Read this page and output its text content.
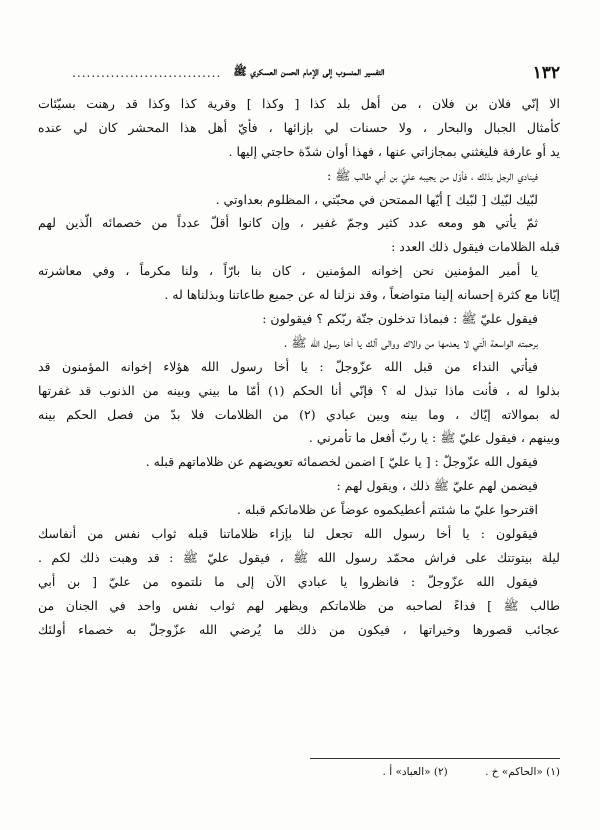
١٣٢
التفسير المنسوب إلى الإمام الحسن العسكري ﷺ
...............................
الا إنّي فلان بن فلان ، من أهل بلد كذا [ وكذا ] وقرية كذا وكذا قد رهنت بسيّئات
كأمثال الجبال والبحار ، ولا حسنات لي بإزائها ، فأيّ أهل هذا المحشر كان لي عنده
يد أو عارفة فليغثني بمجازاتي عنها ، فهذا أوان شدّة حاجتي إليها .
فينادي الرجل بذلك ، فأوّل من يجيبه عليّ بن أبي طالب ﷺ :
لبّيك لبّيك [ لبّيك ] أيّها الممتحن في محبّتي ، المظلوم بعداوتي .
ثمّ يأتي هو ومعه عدد كثير وجمّ غفير ، وإن كانوا أقلّ عدداً من خصمائه الّذين لهم
قبله الظلامات فيقول ذلك العدد :
يا أمير المؤمنين نحن إخوانه المؤمنين ، كان بنا بارّاً ، ولنا مكرماً ، وفي معاشرته
إيّانا مع كثرة إحسانه إلينا متواضعاً ، وقد نزلنا له عن جميع طاعاتنا وبذلناها له .
فيقول عليّ ﷺ : فبماذا تدخلون جنّة ربّكم ؟ فيقولون :
برحمته الواسعة الّتي لا يعدمها من والاك ووالى آلك يا أخا رسول الله ﷺ .
فيأتي النداء من قبل الله عزّوجلّ : يا أخا رسول الله هؤلاء إخوانه المؤمنون قد
بذلوا له ، فأنت ماذا تبذل له ؟ فإنّي أنا الحكم (١) أمّا ما بيني وبينه من الذنوب قد غفرتها
له بموالاته إيّاك ، وما بينه وبين عبادي (٢) من الظلامات فلا بدّ من فصل الحكم بينه
وبينهم ، فيقول عليّ ﷺ : يا ربّ أفعل ما تأمرني .
فيقول الله عزّوجلّ : [ يا عليّ ] اضمن لخصمائه تعويضهم عن ظلاماتهم قبله .
فيضمن لهم عليّ ﷺ ذلك ، ويقول لهم :
اقترحوا عليّ ما شئتم أعطيكموه عوضاً عن ظلاماتكم قبله .
فيقولون : يا أخا رسول الله تجعل لنا بإزاء ظلاماتنا قبله ثواب نفس من أنفاسك
ليلة بيتوتتك على فراش محمّد رسول الله ﷺ ، فيقول عليّ ﷺ : قد وهبت ذلك لكم .
فيقول الله عزّوجلّ : فانظروا يا عبادي الآن إلى ما نلتموه من عليّ [ بن أبي
طالب ﷺ ] فداءً لصاحبه من ظلاماتكم ويظهر لهم ثواب نفس واحد في الجنان من
عجائب قصورها وخيراتها ، فيكون من ذلك ما يُرضي الله عزّوجلّ به خصماء أولئك
(١) «الحاكم» خ . (٢) «العباد» أ .
